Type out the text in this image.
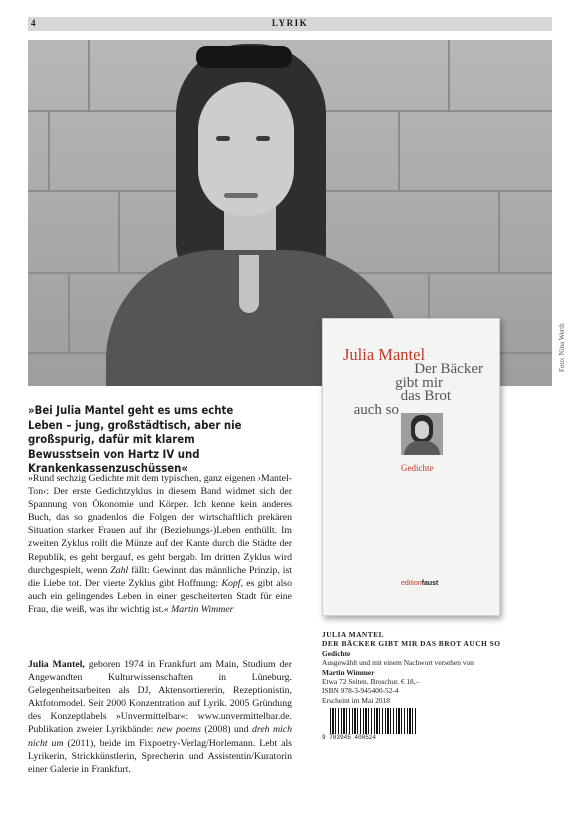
4	LYRIK
Foto: Nina Werth
Julia Mantel
Der Bäcker
gibt mir
das Brot
auch so
Gedichte
editionfaust
»Bei Julia Mantel geht es ums echte Leben – jung, großstädtisch, aber nie großspurig, dafür mit klarem Bewusstsein von Hartz IV und Krankenkassenzuschüssen«

»Rund sechzig Gedichte mit dem typischen, ganz eigenen ›Mantel-Ton‹: Der erste Gedichtzyklus in diesem Band widmet sich der Spannung von Ökonomie und Körper. Ich kenne kein anderes Buch, das so gnadenlos die Folgen der wirtschaftlich prekären Situation starker Frauen auf ihr (Beziehungs-)Leben enthüllt. Im zweiten Zyklus rollt die Münze auf der Kante durch die Städte der Republik, es geht bergauf, es geht bergab. Im dritten Zyklus wird durchgespielt, wenn Zahl fällt: Gewinnt das männliche Prinzip, ist die Liebe tot. Der vierte Zyklus gibt Hoffnung: Kopf, es gibt also auch ein gelingendes Leben in einer gescheiterten Stadt für eine Frau, die weiß, was ihr wichtig ist.« Martin Wimmer

Julia Mantel, geboren 1974 in Frankfurt am Main, Studium der Angewandten Kulturwissenschaften in Lüneburg. Gelegenheitsarbeiten als DJ, Aktensortiererin, Rezeptionistin, Aktfotomodel. Seit 2000 Konzentration auf Lyrik. 2005 Gründung des Konzeptlabels »Unvermittelbar«: www.unvermittelbar.de. Publikation zweier Lyrikbände: new poems (2008) und dreh mich nicht um (2011), beide im Fixpoetry-Verlag/Horlemann. Lebt als Lyrikerin, Strickkünstlerin, Sprecherin und Assistentin/Kuratorin einer Galerie in Frankfurt.

JULIA MANTEL
DER BÄCKER GIBT MIR DAS BROT AUCH SO
Gedichte
Ausgewählt und mit einem Nachwort versehen von
Martin Wimmer
Etwa 72 Seiten. Broschur. € 18,–
ISBN 978-3-945400-52-4
Erscheint im Mai 2018
9 783945 400524
